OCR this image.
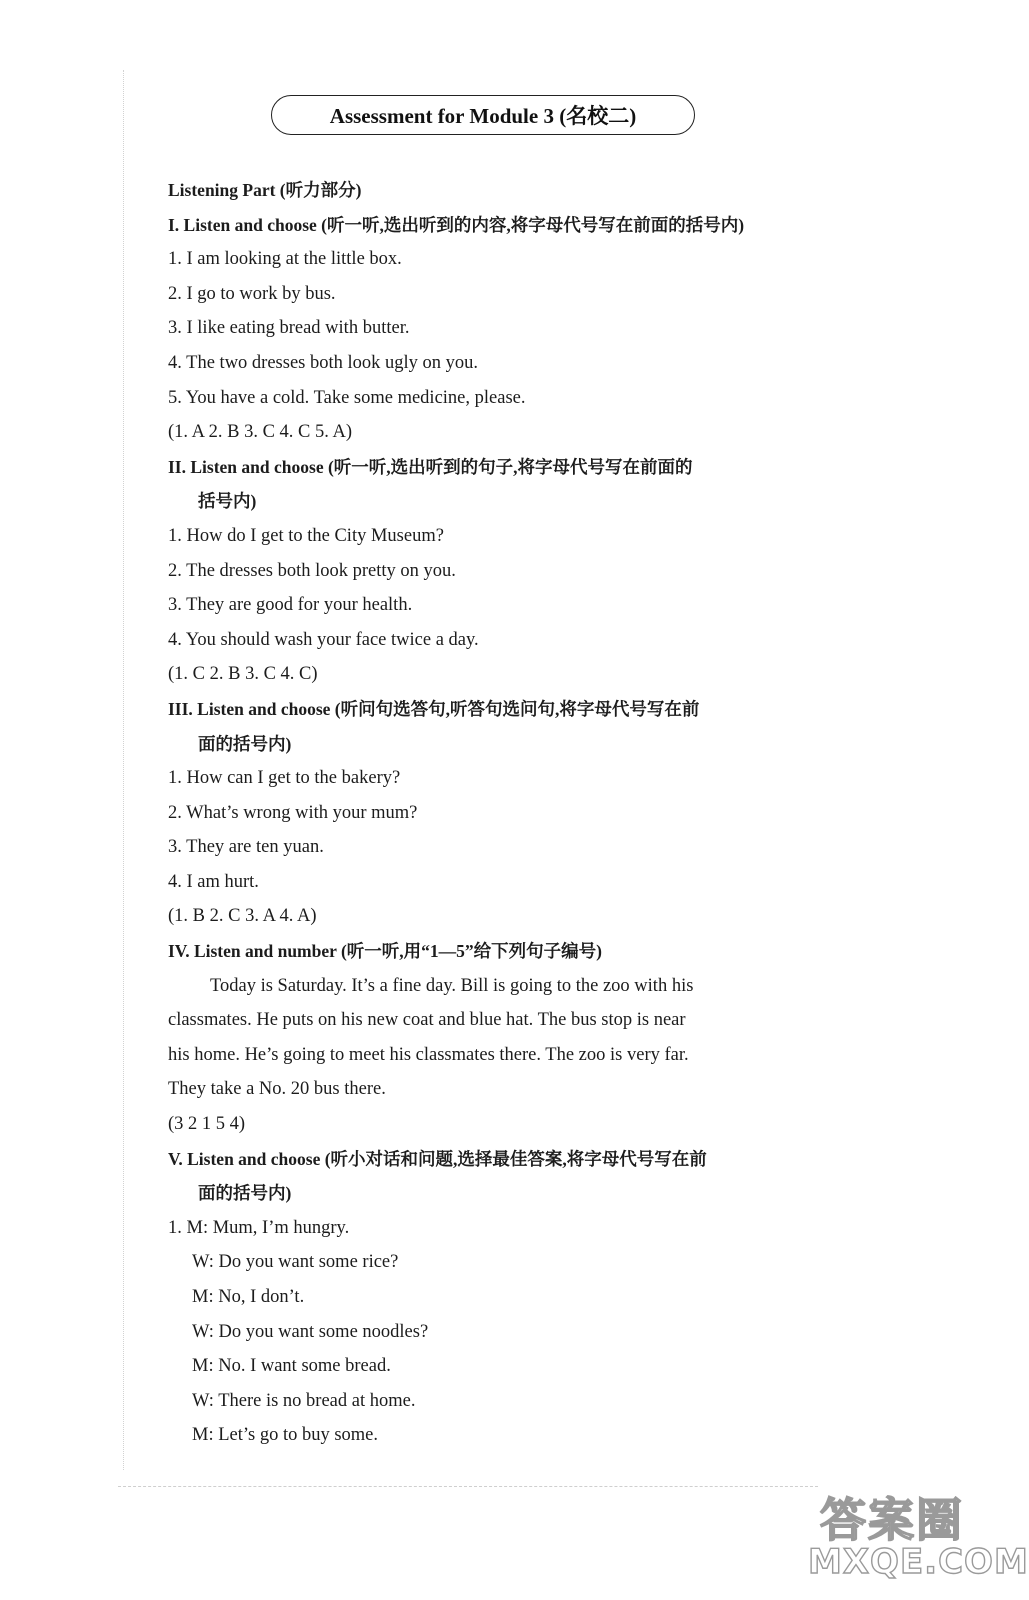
Assessment for Module 3 (名校二)
Listening Part (听力部分)
I. Listen and choose (听一听,选出听到的内容,将字母代号写在前面的括号内)
1. I am looking at the little box.
2. I go to work by bus.
3. I like eating bread with butter.
4. The two dresses both look ugly on you.
5. You have a cold. Take some medicine, please.
(1. A 2. B 3. C 4. C 5. A)
II. Listen and choose (听一听,选出听到的句子,将字母代号写在前面的
括号内)
1. How do I get to the City Museum?
2. The dresses both look pretty on you.
3. They are good for your health.
4. You should wash your face twice a day.
(1. C 2. B 3. C 4. C)
III. Listen and choose (听问句选答句,听答句选问句,将字母代号写在前
面的括号内)
1. How can I get to the bakery?
2. What’s wrong with your mum?
3. They are ten yuan.
4. I am hurt.
(1. B 2. C 3. A 4. A)
IV. Listen and number (听一听,用“1—5”给下列句子编号)
Today is Saturday. It’s a fine day. Bill is going to the zoo with his
classmates. He puts on his new coat and blue hat. The bus stop is near
his home. He’s going to meet his classmates there. The zoo is very far.
They take a No. 20 bus there.
(3 2 1 5 4)
V. Listen and choose (听小对话和问题,选择最佳答案,将字母代号写在前
面的括号内)
1. M: Mum, I’m hungry.
W: Do you want some rice?
M: No, I don’t.
W: Do you want some noodles?
M: No. I want some bread.
W: There is no bread at home.
M: Let’s go to buy some.
答案圈
MXQE.COM
